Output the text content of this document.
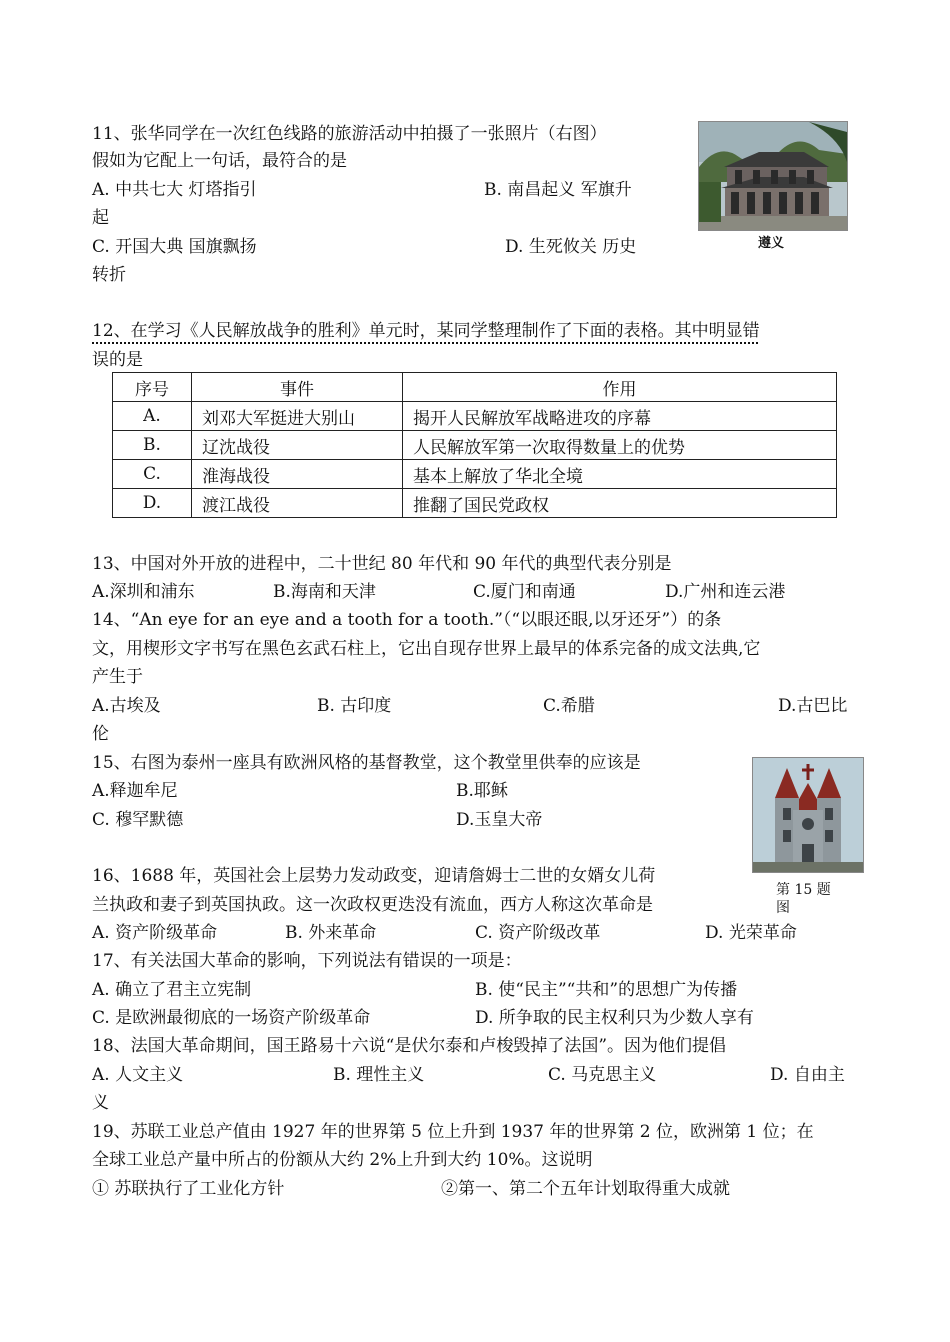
11、张华同学在一次红色线路的旅游活动中拍摄了一张照片（右图）
假如为它配上一句话，最符合的是
A. 中共七大 灯塔指引	B. 南昌起义 军旗升
起
C. 开国大典 国旗飘扬	D. 生死攸关 历史
转折
遵义
12、在学习《人民解放战争的胜利》单元时，某同学整理制作了下面的表格。其中明显错
误的是
序号	事件	作用
A.	刘邓大军挺进大别山	揭开人民解放军战略进攻的序幕
B.	辽沈战役	人民解放军第一次取得数量上的优势
C.	淮海战役	基本上解放了华北全境
D.	渡江战役	推翻了国民党政权
13、中国对外开放的进程中，二十世纪 80 年代和 90 年代的典型代表分别是
A.深圳和浦东	B.海南和天津	C.厦门和南通	D.广州和连云港
14、“An eye for an eye and a tooth for a tooth.”（“以眼还眼,以牙还牙”）的条
文，用楔形文字书写在黑色玄武石柱上，它出自现存世界上最早的体系完备的成文法典,它
产生于
A.古埃及	B. 古印度	C.希腊	D.古巴比
伦
15、右图为泰州一座具有欧洲风格的基督教堂，这个教堂里供奉的应该是
A.释迦牟尼	B.耶稣
C. 穆罕默德	D.玉皇大帝
第 15 题
图
16、1688 年，英国社会上层势力发动政变，迎请詹姆士二世的女婿女儿荷
兰执政和妻子到英国执政。这一次政权更迭没有流血，西方人称这次革命是
A. 资产阶级革命	B. 外来革命	C. 资产阶级改革	D. 光荣革命
17、有关法国大革命的影响，下列说法有错误的一项是：
A. 确立了君主立宪制	B. 使“民主”“共和”的思想广为传播
C. 是欧洲最彻底的一场资产阶级革命	D. 所争取的民主权利只为少数人享有
18、法国大革命期间，国王路易十六说“是伏尔泰和卢梭毁掉了法国”。因为他们提倡
A. 人文主义	B. 理性主义	C. 马克思主义	D. 自由主
义
19、苏联工业总产值由 1927 年的世界第 5 位上升到 1937 年的世界第 2 位，欧洲第 1 位；在
全球工业总产量中所占的份额从大约 2%上升到大约 10%。这说明
① 苏联执行了工业化方针	②第一、第二个五年计划取得重大成就
